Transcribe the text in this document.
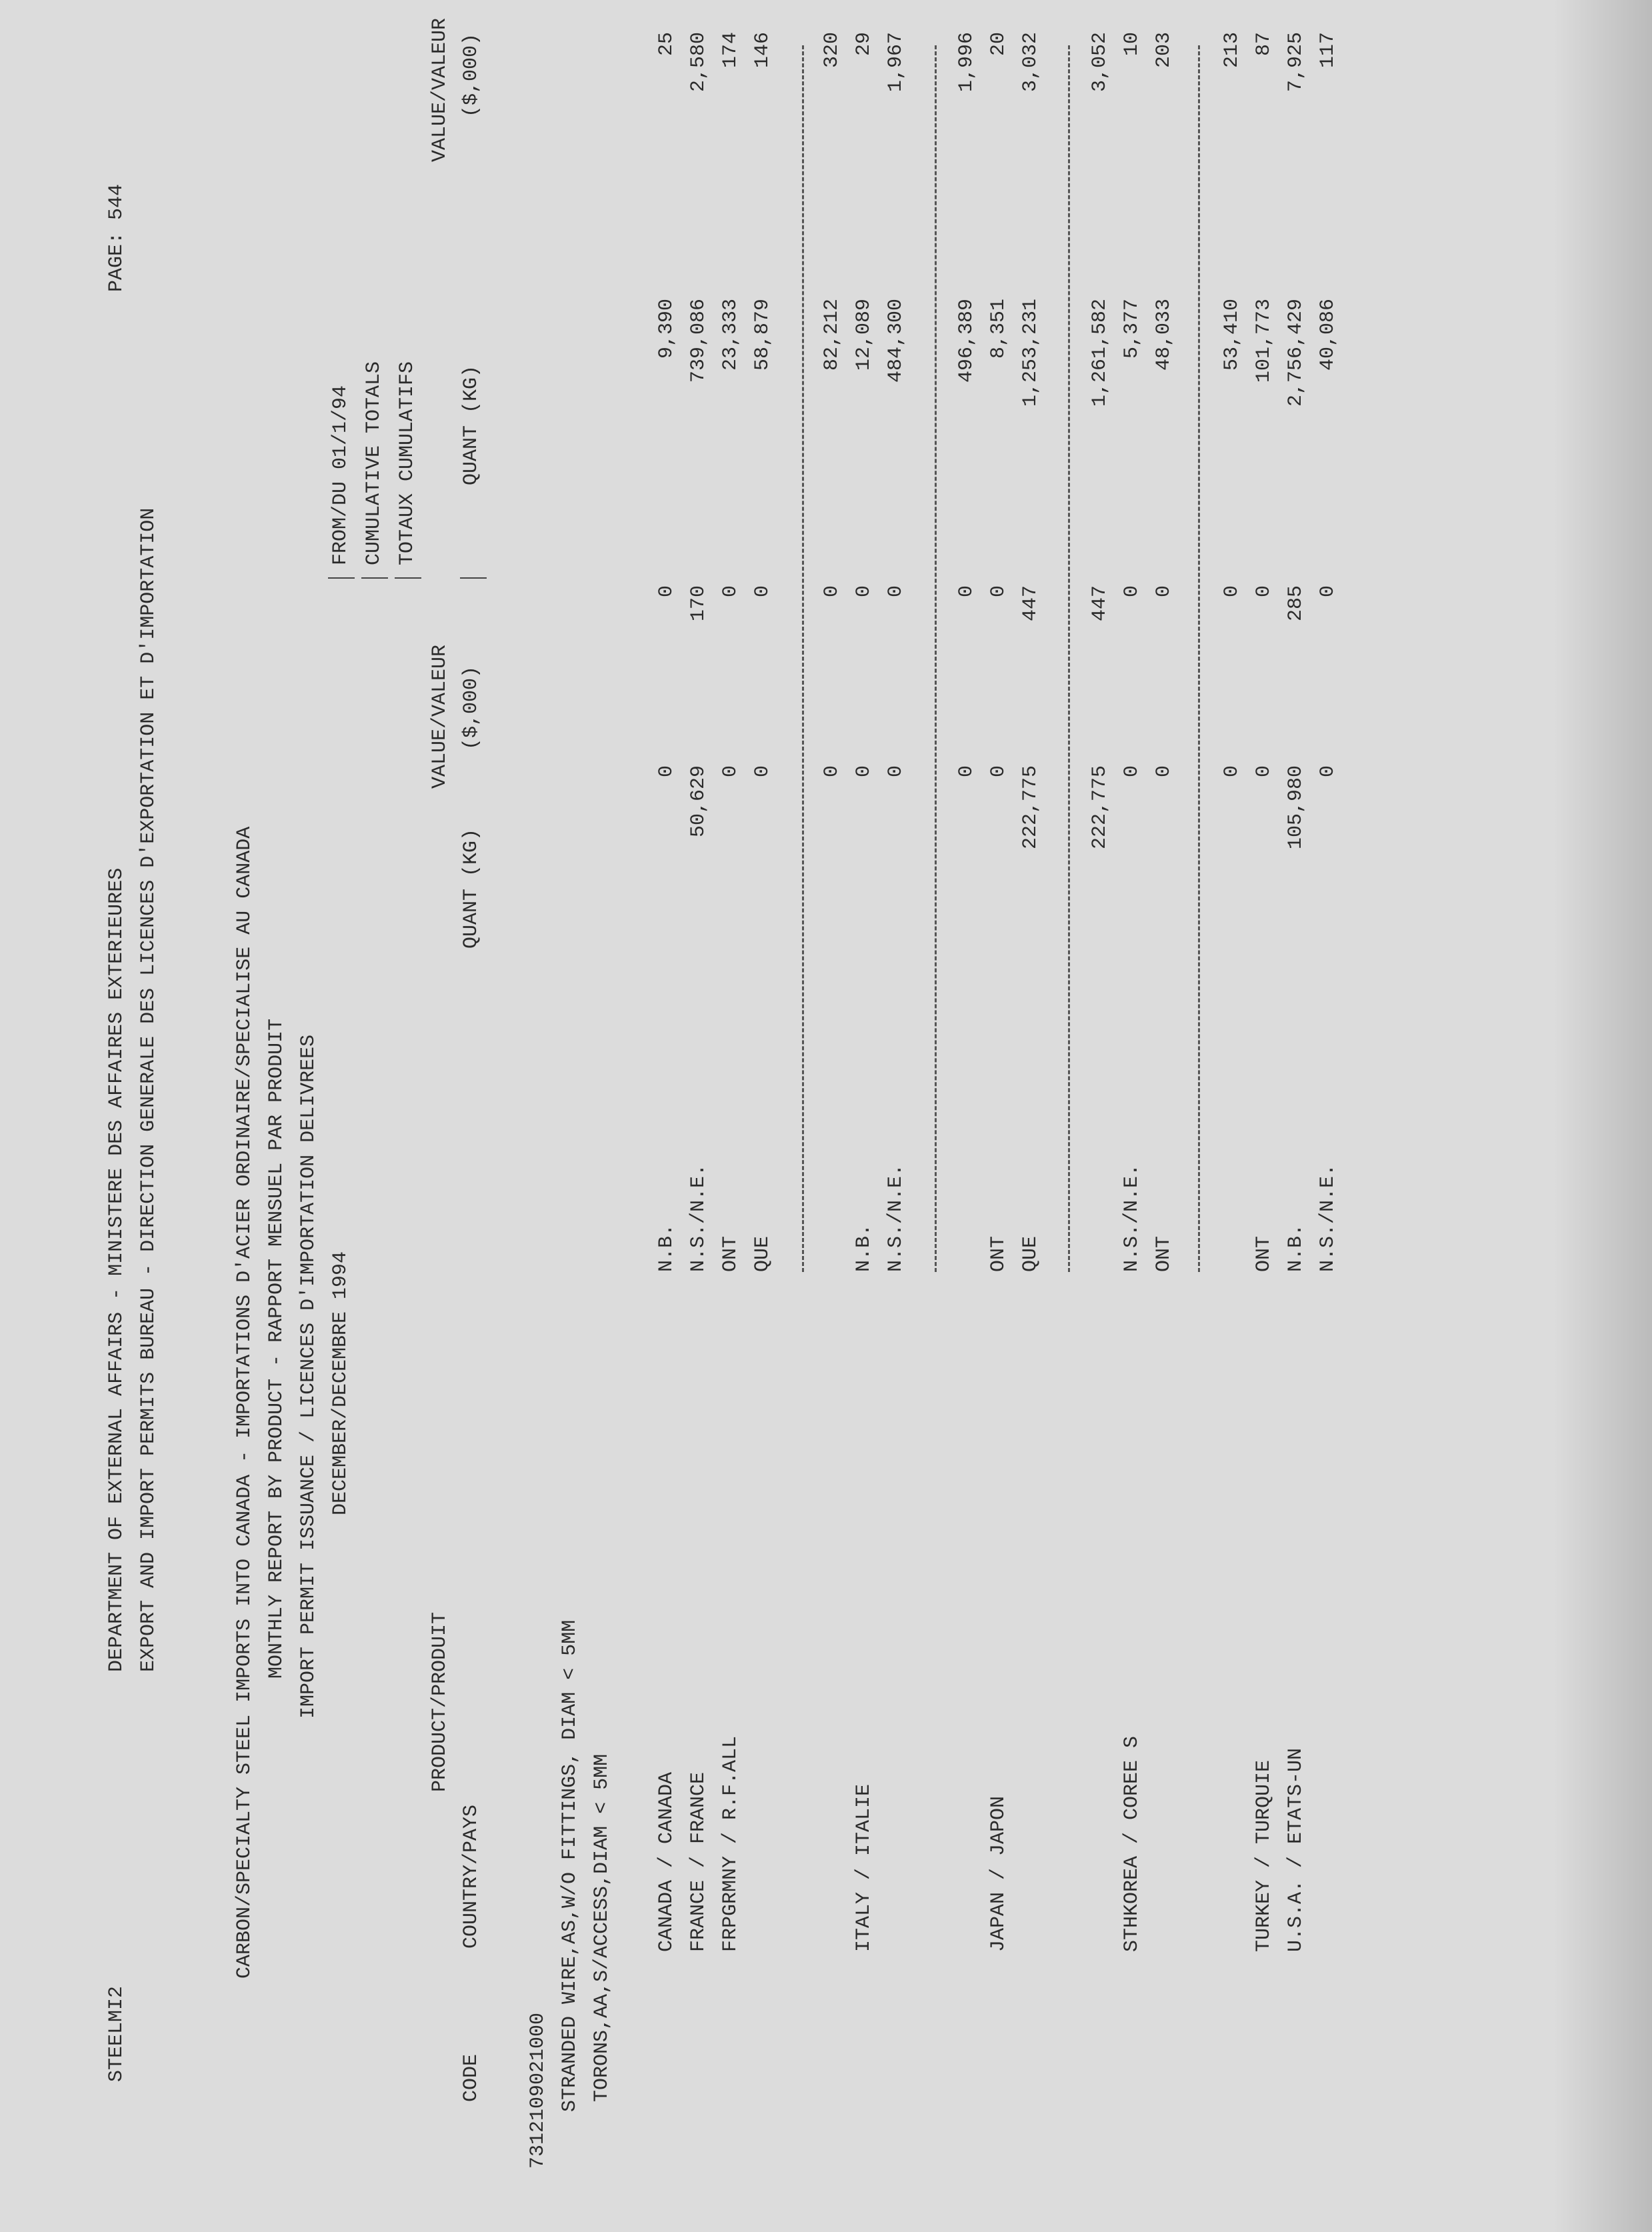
STEELMI2
DEPARTMENT OF EXTERNAL AFFAIRS - MINISTERE DES AFFAIRES EXTERIEURES
PAGE: 544
EXPORT AND IMPORT PERMITS BUREAU - DIRECTION GENERALE DES LICENCES D'EXPORTATION ET D'IMPORTATION	CARBON/SPECIALTY STEEL IMPORTS INTO CANADA - IMPORTATIONS D'ACIER ORDINAIRE/SPECIALISE AU CANADA MONTHLY REPORT BY PRODUCT - RAPPORT MENSUEL PAR PRODUIT IMPORT PERMIT ISSUANCE / LICENCES D'IMPORTATION DELIVREES DECEMBER/DECEMBRE 1994
FROM/DU 01/1/94 CUMULATIVE TOTALS TOTAUX CUMULATIFS
VALUE/VALEUR
VALUE/VALEUR
PRODUCT/PRODUIT
CODE
COUNTRY/PAYS
QUANT (KG)
($,000)
QUANT (KG)
($,000)
7312109021000 STRANDED WIRE,AS,W/O FITTINGS, DIAM < 5MM TORONS,AA,S/ACCESS,DIAM < 5MM CANADA / CANADA
N.B.
0
0
9,390
25
FRANCE / FRANCE
N.S./N.E.
50,629
170
739,086
2,580
FRPGRMNY / R.F.ALL
ONT
0
0
23,333
174
QUE
0
0
58,879
146
0
0
82,212
320
ITALY / ITALIE
N.B.
0
0
12,089
29
N.S./N.E.
0
0
484,300
1,967
0
0
496,389
1,996
JAPAN / JAPON
ONT
0
0
8,351
20
QUE
222,775
447
1,253,231
3,032
222,775
447
1,261,582
3,052
STHKOREA / COREE S
N.S./N.E.
0
0
5,377
10
ONT
0
0
48,033
203
0
0
53,410
213
TURKEY / TURQUIE
ONT
0
0
101,773
87
U.S.A. / ETATS-UN
N.B.
105,980
285
2,756,429
7,925
N.S./N.E.
0
0
40,086
117
